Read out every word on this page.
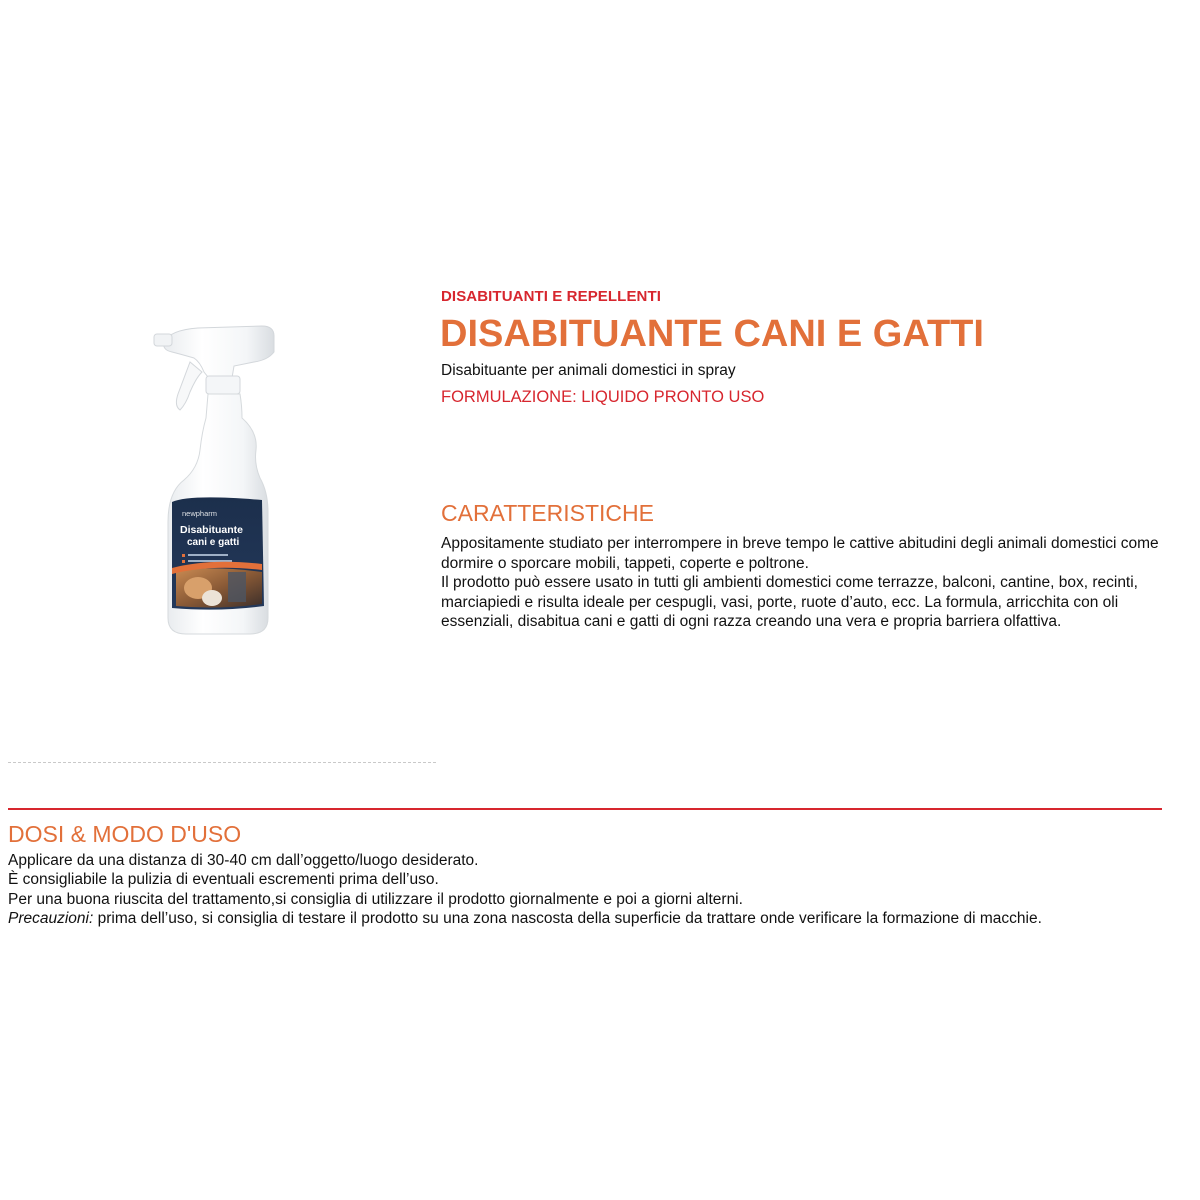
newpharm
Disabituante
cani e gatti
DISABITUANTI E REPELLENTI
DISABITUANTE CANI E GATTI
Disabituante per animali domestici in spray
FORMULAZIONE: LIQUIDO PRONTO USO
CARATTERISTICHE

Appositamente studiato per interrompere in breve tempo le cattive abitudini degli animali domestici come dormire o sporcare mobili, tappeti, coperte e poltrone.

Il prodotto può essere usato in tutti gli ambienti domestici come terrazze, balconi, cantine, box, recinti, marciapiedi e risulta ideale per cespugli, vasi, porte, ruote d’auto, ecc. La formula, arricchita con oli essenziali, disabitua cani e gatti di ogni razza creando una vera e propria barriera olfattiva.

DOSI & MODO D'USO

Applicare da una distanza di 30-40 cm dall’oggetto/luogo desiderato.

È consigliabile la pulizia di eventuali escrementi prima dell’uso.

Per una buona riuscita del trattamento,si consiglia di utilizzare il prodotto giornalmente e poi a giorni alterni.

Precauzioni: prima dell’uso, si consiglia di testare il prodotto su una zona nascosta della superficie da trattare onde verificare la formazione di macchie.
